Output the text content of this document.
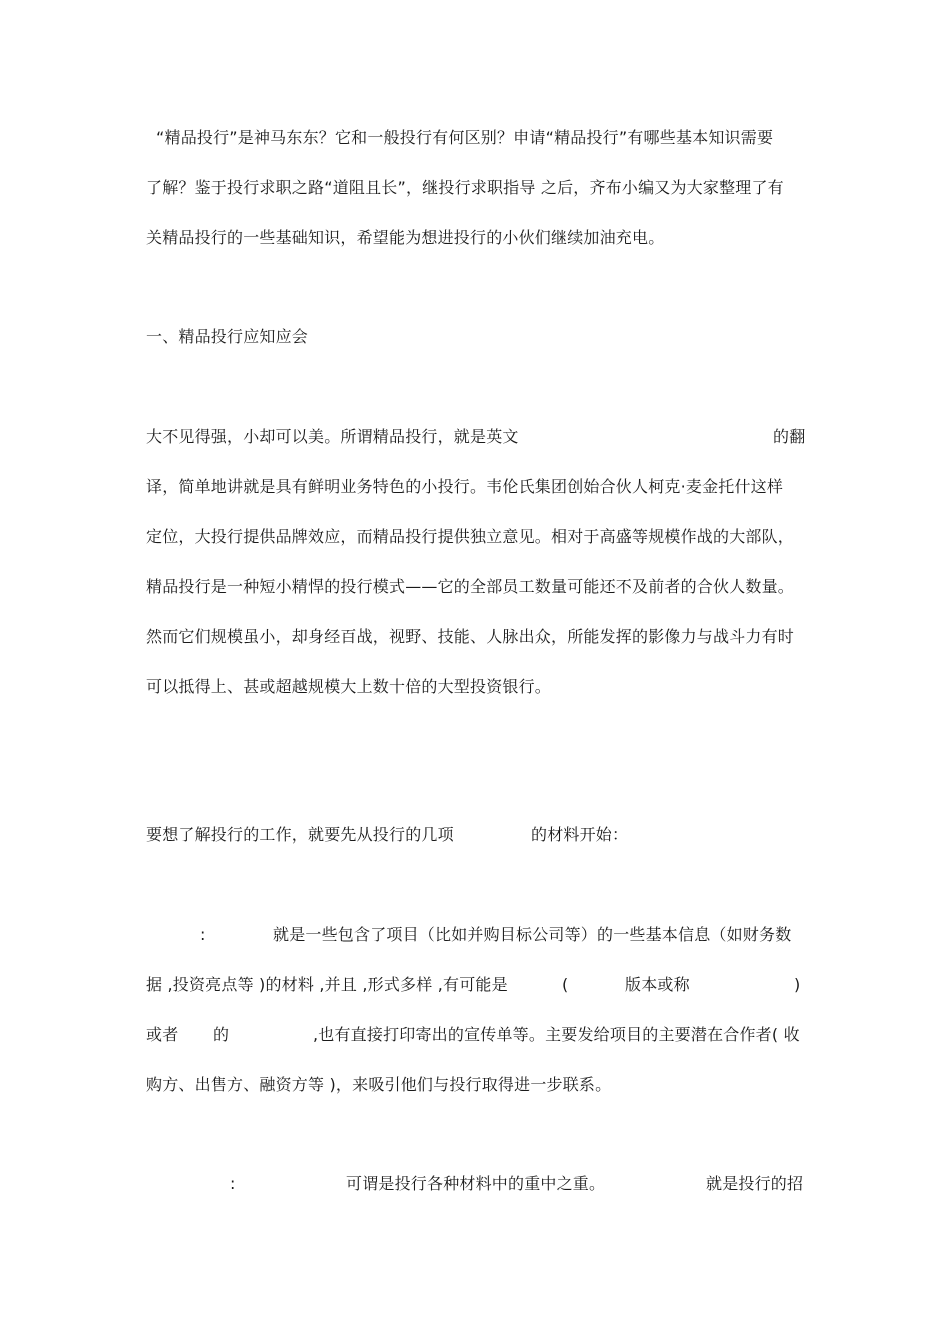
“精品投行”是神马东东？它和一般投行有何区别？申请“精品投行”有哪些基本知识需要
了解？鉴于投行求职之路“道阻且长”，继投行求职指导 之后，齐布小编又为大家整理了有
关精品投行的一些基础知识，希望能为想进投行的小伙们继续加油充电。
一、精品投行应知应会
大不见得强，小却可以美。所谓精品投行，就是英文	的翻
译，简单地讲就是具有鲜明业务特色的小投行。韦伦氏集团创始合伙人柯克·麦金托什这样
定位，大投行提供品牌效应，而精品投行提供独立意见。相对于高盛等规模作战的大部队，
精品投行是一种短小精悍的投行模式——它的全部员工数量可能还不及前者的合伙人数量。
然而它们规模虽小，却身经百战，视野、技能、人脉出众，所能发挥的影像力与战斗力有时
可以抵得上、甚或超越规模大上数十倍的大型投资银行。
要想了解投行的工作，就要先从投行的几项	的材料开始：
:	就是一些包含了项目（比如并购目标公司等）的一些基本信息（如财务数
据 ,投资亮点等 )的材料 ,并且 ,形式多样 ,有可能是	(	版本或称	)
或者 的	,也有直接打印寄出的宣传单等。主要发给项目的主要潜在合作者( 收
购方、出售方、融资方等 )，来吸引他们与投行取得进一步联系。
:	可谓是投行各种材料中的重中之重。	就是投行的招
